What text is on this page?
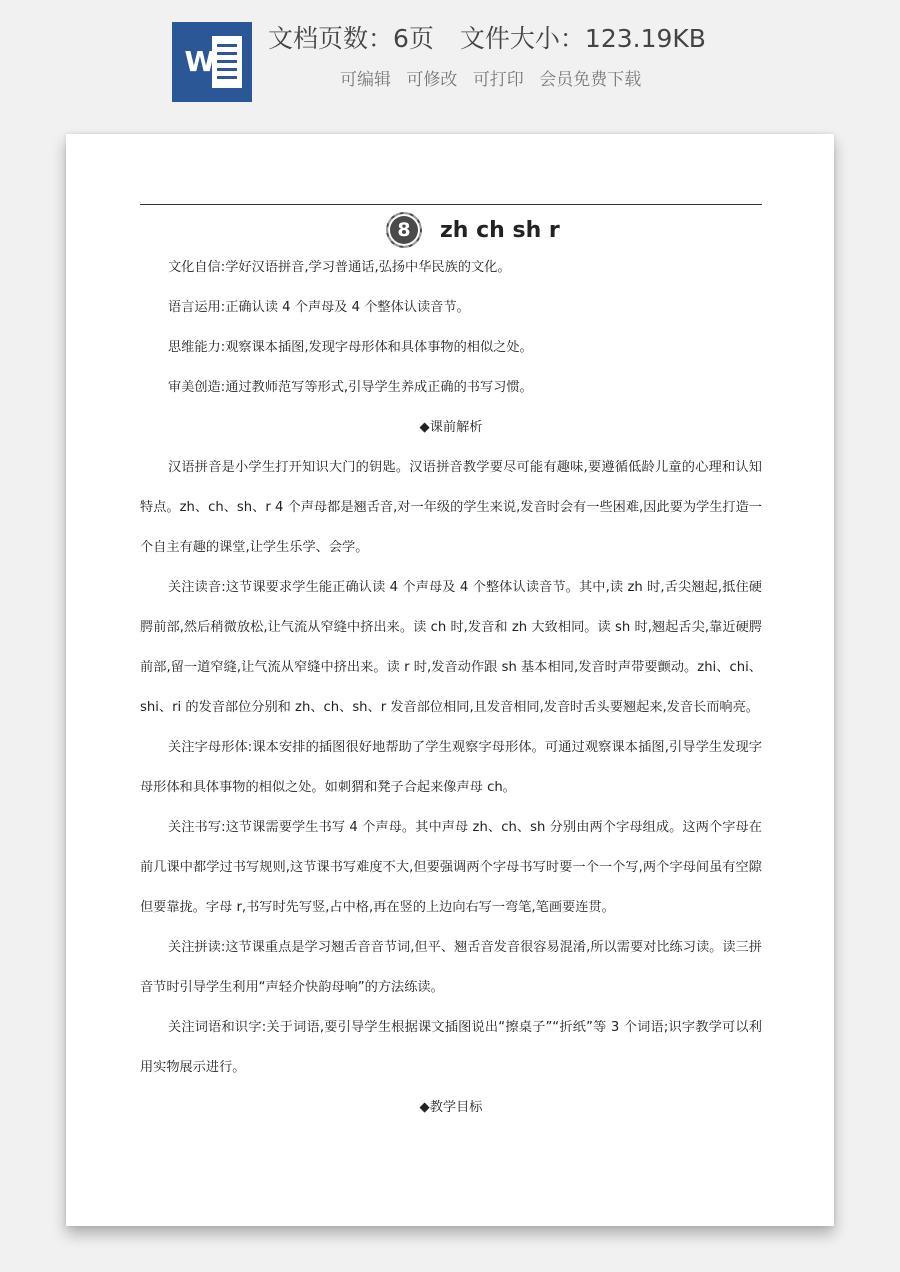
W
文档页数：6页 文件大小：123.19KB
可编辑 可修改 可打印 会员免费下载
8	zh ch sh r

文化自信:学好汉语拼音,学习普通话,弘扬中华民族的文化。

语言运用:正确认读 4 个声母及 4 个整体认读音节。

思维能力:观察课本插图,发现字母形体和具体事物的相似之处。

审美创造:通过教师范写等形式,引导学生养成正确的书写习惯。

◆课前解析

汉语拼音是小学生打开知识大门的钥匙。汉语拼音教学要尽可能有趣味,要遵循低龄儿童的心理和认知特点。zh、ch、sh、r 4 个声母都是翘舌音,对一年级的学生来说,发音时会有一些困难,因此要为学生打造一个自主有趣的课堂,让学生乐学、会学。

关注读音:这节课要求学生能正确认读 4 个声母及 4 个整体认读音节。其中,读 zh 时,舌尖翘起,抵住硬腭前部,然后稍微放松,让气流从窄缝中挤出来。读 ch 时,发音和 zh 大致相同。读 sh 时,翘起舌尖,靠近硬腭前部,留一道窄缝,让气流从窄缝中挤出来。读 r 时,发音动作跟 sh 基本相同,发音时声带要颤动。zhi、chi、shi、ri 的发音部位分别和 zh、ch、sh、r 发音部位相同,且发音相同,发音时舌头要翘起来,发音长而响亮。

关注字母形体:课本安排的插图很好地帮助了学生观察字母形体。可通过观察课本插图,引导学生发现字母形体和具体事物的相似之处。如刺猬和凳子合起来像声母 ch。

关注书写:这节课需要学生书写 4 个声母。其中声母 zh、ch、sh 分别由两个字母组成。这两个字母在前几课中都学过书写规则,这节课书写难度不大,但要强调两个字母书写时要一个一个写,两个字母间虽有空隙但要靠拢。字母 r,书写时先写竖,占中格,再在竖的上边向右写一弯笔,笔画要连贯。

关注拼读:这节课重点是学习翘舌音音节词,但平、翘舌音发音很容易混淆,所以需要对比练习读。读三拼音节时引导学生利用“声轻介快韵母响”的方法练读。

关注词语和识字:关于词语,要引导学生根据课文插图说出“擦桌子”“折纸”等 3 个词语;识字教学可以利用实物展示进行。

◆教学目标
